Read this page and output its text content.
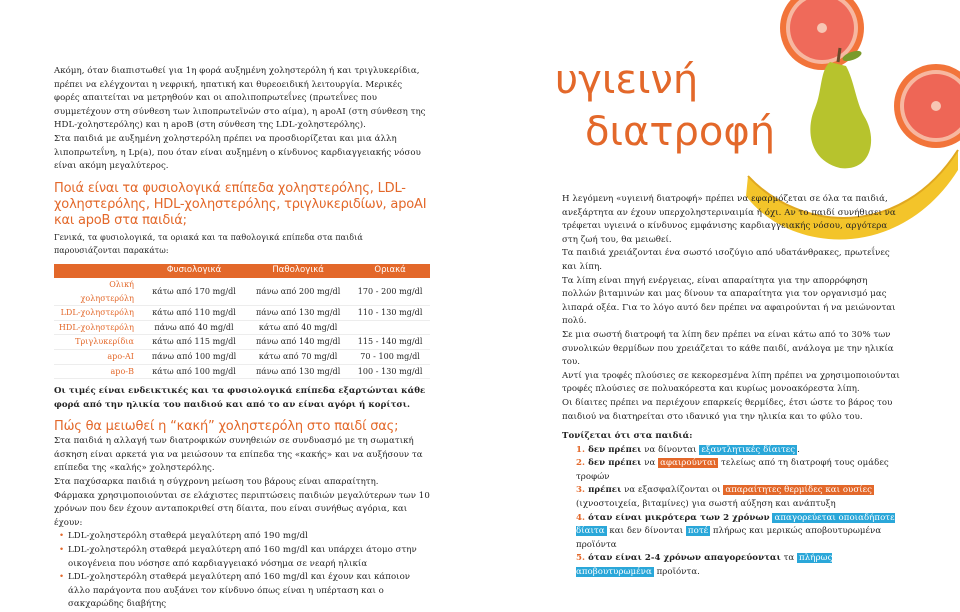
υγιεινή
διατροφή

Ακόμη, όταν διαπιστωθεί για 1η φορά αυξημένη χοληστερόλη ή και τριγλυκερίδια, πρέπει να ελέγχονται η νεφρική, ηπατική και θυρεοειδική λειτουργία. Μερικές φορές απαιτείται να μετρηθούν και οι απολιποπρωτεΐνες (πρωτεΐνες που συμμετέχουν στη σύνθεση των λιποπρωτεϊνών στο αίμα), η apoAI (στη σύνθεση της HDL-χοληστερόλης) και η apoB (στη σύνθεση της LDL-χοληστερόλης).

Στα παιδιά με αυξημένη χοληστερόλη πρέπει να προσδιορίζεται και μια άλλη λιποπρωτεΐνη, η Lp(a), που όταν είναι αυξημένη ο κίνδυνος καρδιαγγειακής νόσου είναι ακόμη μεγαλύτερος.

Ποιά είναι τα φυσιολογικά επίπεδα χοληστερόλης, LDL-χοληστερόλης, HDL-χοληστερόλης, τριγλυκεριδίων, apoAI και apoB στα παιδιά;
Γενικά, τα φυσιολογικά, τα οριακά και τα παθολογικά επίπεδα στα παιδιά παρουσιάζονται παρακάτω:
	Φυσιολογικά	Παθολογικά	Οριακά
Ολική χοληστερόλη	κάτω από 170 mg/dl	πάνω από 200 mg/dl	170 - 200 mg/dl
LDL-χοληστερόλη	κάτω από 110 mg/dl	πάνω από 130 mg/dl	110 - 130 mg/dl
HDL-χοληστερόλη	πάνω από 40 mg/dl	κάτω από 40 mg/dl	
Τριγλυκερίδια	κάτω από 115 mg/dl	πάνω από 140 mg/dl	115 - 140 mg/dl
apo-AI	πάνω από 100 mg/dl	κάτω από 70 mg/dl	70 - 100 mg/dl
apo-B	κάτω από 100 mg/dl	πάνω από 130 mg/dl	100 - 130 mg/dl

Οι τιμές είναι ενδεικτικές και τα φυσιολογικά επίπεδα εξαρτώνται κάθε φορά από την ηλικία του παιδιού και από το αν είναι αγόρι ή κορίτσι.

Πώς θα μειωθεί η “κακή” χοληστερόλη στο παιδί σας;

Στα παιδιά η αλλαγή των διατροφικών συνηθειών σε συνδυασμό με τη σωματική άσκηση είναι αρκετά για να μειώσουν τα επίπεδα της «κακής» και να αυξήσουν τα επίπεδα της «καλής» χοληστερόλης.

Στα παχύσαρκα παιδιά η σύγχρονη μείωση του βάρους είναι απαραίτητη.

Φάρμακα χρησιμοποιούνται σε ελάχιστες περιπτώσεις παιδιών μεγαλύτερων των 10 χρόνων που δεν έχουν ανταποκριθεί στη δίαιτα, που είναι συνήθως αγόρια, και έχουν:

• LDL-χοληστερόλη σταθερά μεγαλύτερη από 190 mg/dl
• LDL-χοληστερόλη σταθερά μεγαλύτερη από 160 mg/dl και υπάρχει άτομο στην οικογένεια που νόσησε από καρδιαγγειακό νόσημα σε νεαρή ηλικία
• LDL-χοληστερόλη σταθερά μεγαλύτερη από 160 mg/dl και έχουν και κάποιον άλλο παράγοντα που αυξάνει τον κίνδυνο όπως είναι η υπέρταση και ο σακχαρώδης διαβήτης

Η λεγόμενη «υγιεινή διατροφή» πρέπει να εφαρμόζεται σε όλα τα παιδιά, ανεξάρτητα αν έχουν υπερχοληστεριναιμία ή όχι. Αν το παιδί συνήθισει να τρέφεται υγιεινά ο κίνδυνος εμφάνισης καρδιαγγειακής νόσου, αργότερα στη ζωή του, θα μειωθεί.

Τα παιδιά χρειάζονται ένα σωστό ισοζύγιο από υδατάνθρακες, πρωτεΐνες και λίπη.

Τα λίπη είναι πηγή ενέργειας, είναι απαραίτητα για την απορρόφηση πολλών βιταμινών και μας δίνουν τα απαραίτητα για τον οργανισμό μας λιπαρά οξέα. Για το λόγο αυτό δεν πρέπει να αφαιρούνται ή να μειώνονται πολύ.

Σε μια σωστή διατροφή τα λίπη δεν πρέπει να είναι κάτω από το 30% των συνολικών θερμίδων που χρειάζεται το κάθε παιδί, ανάλογα με την ηλικία του.

Αντί για τροφές πλούσιες σε κεκορεσμένα λίπη πρέπει να χρησιμοποιούνται τροφές πλούσιες σε πολυακόρεστα και κυρίως μονοακόρεστα λίπη.

Οι δίαιτες πρέπει να περιέχουν επαρκείς θερμίδες, έτσι ώστε το βάρος του παιδιού να διατηρείται στο ιδανικό για την ηλικία και το φύλο του.

Τονίζεται ότι στα παιδιά:

1. δεν πρέπει να δίνονται εξαντλητικές δίαιτες .
2. δεν πρέπει να αφαιρούνται τελείως από τη διατροφή τους ομάδες τροφών
3. πρέπει να εξασφαλίζονται οι απαραίτητες θερμίδες και ουσίες (ιχνοστοιχεία, βιταμίνες) για σωστή αύξηση και ανάπτυξη
4. όταν είναι μικρότερα των 2 χρόνων απαγορεύεται οποιαδήποτε δίαιτα και δεν δίνονται ποτέ πλήρως και μερικώς αποβουτυρωμένα προϊόντα
5. όταν είναι 2-4 χρόνων απαγορεύονται τα πλήρως αποβουτυρωμένα προϊόντα.
